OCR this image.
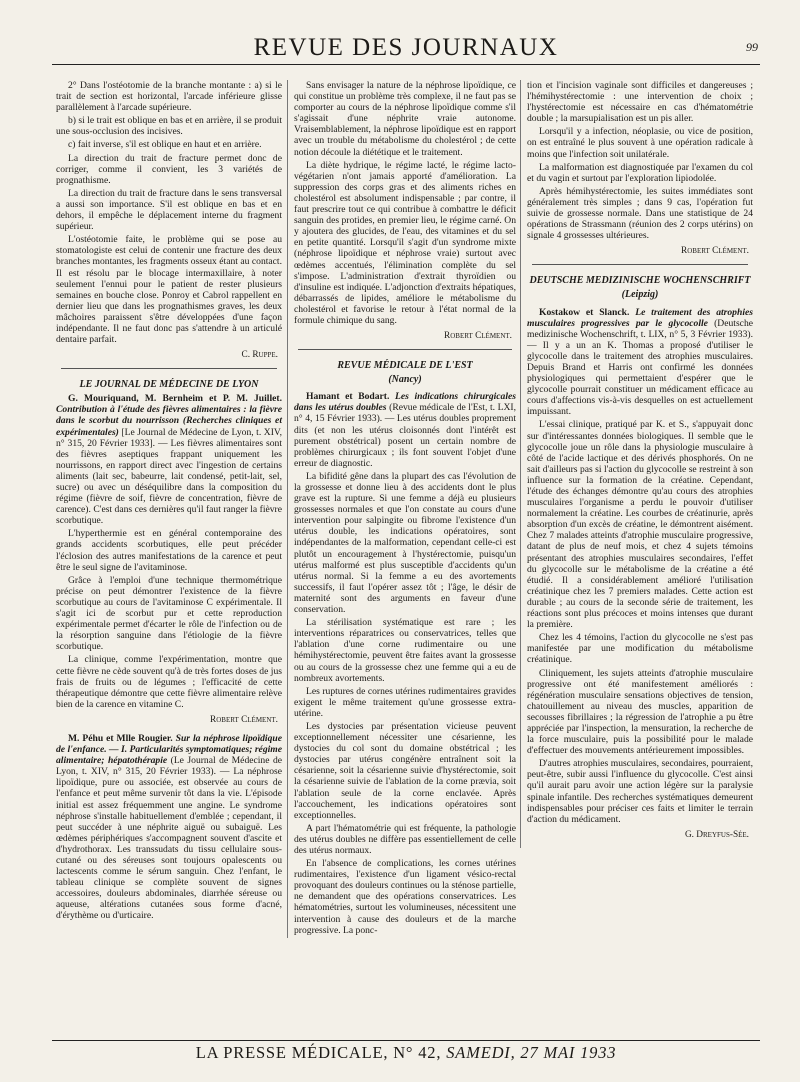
REVUE DES JOURNAUX	99

2° Dans l'ostéotomie de la branche montante : a) si le trait de section est horizontal, l'arcade inférieure glisse parallèlement à l'arcade supérieure.

b) si le trait est oblique en bas et en arrière, il se produit une sous-occlusion des incisives.

c) fait inverse, s'il est oblique en haut et en arrière.

La direction du trait de fracture permet donc de corriger, comme il convient, les 3 variétés de prognathisme.

La direction du trait de fracture dans le sens transversal a aussi son importance. S'il est oblique en bas et en dehors, il empêche le déplacement interne du fragment supérieur.

L'ostéotomie faite, le problème qui se pose au stomatologiste est celui de contenir une fracture des deux branches montantes, les fragments osseux étant au contact. Il est résolu par le blocage intermaxillaire, à noter seulement l'ennui pour le patient de rester plusieurs semaines en bouche close. Ponroy et Cabrol rappellent en dernier lieu que dans les prognathismes graves, les deux mâchoires paraissent s'être développées d'une façon indépendante. Il ne faut donc pas s'attendre à un articulé dentaire parfait.

C. Ruppe.
LE JOURNAL DE MÉDECINE DE LYON

G. Mouriquand, M. Bernheim et P. M. Juillet. Contribution à l'étude des fièvres alimentaires : la fièvre dans le scorbut du nourrisson (Recherches cliniques et expérimentales) [Le Journal de Médecine de Lyon, t. XIV, n° 315, 20 Février 1933]. — Les fièvres alimentaires sont des fièvres aseptiques frappant uniquement les nourrissons, en rapport direct avec l'ingestion de certains aliments (lait sec, babeurre, lait condensé, petit-lait, sel, sucre) ou avec un déséquilibre dans la composition du régime (fièvre de soif, fièvre de concentration, fièvre de carence). C'est dans ces dernières qu'il faut ranger la fièvre scorbutique.

L'hyperthermie est en général contemporaine des grands accidents scorbutiques, elle peut précéder l'éclosion des autres manifestations de la carence et peut être le seul signe de l'avitaminose.

Grâce à l'emploi d'une technique thermométrique précise on peut démontrer l'existence de la fièvre scorbutique au cours de l'avitaminose C expérimentale. Il s'agit ici de scorbut pur et cette reproduction expérimentale permet d'écarter le rôle de l'infection ou de la résorption sanguine dans l'étiologie de la fièvre scorbutique.

La clinique, comme l'expérimentation, montre que cette fièvre ne cède souvent qu'à de très fortes doses de jus frais de fruits ou de légumes ; l'efficacité de cette thérapeutique démontre que cette fièvre alimentaire relève bien de la carence en vitamine C.

Robert Clément.

M. Péhu et Mlle Rougier. Sur la néphrose lipoïdique de l'enfance. — I. Particularités symptomatiques; régime alimentaire; hépatothérapie (Le Journal de Médecine de Lyon, t. XIV, n° 315, 20 Février 1933). — La néphrose lipoïdique, pure ou associée, est observée au cours de l'enfance et peut même survenir tôt dans la vie. L'épisode initial est assez fréquemment une angine. Le syndrome néphrose s'installe habituellement d'emblée ; cependant, il peut succéder à une néphrite aiguë ou subaiguë. Les œdèmes périphériques s'accompagnent souvent d'ascite et d'hydrothorax. Les transsudats du tissu cellulaire sous-cutané ou des séreuses sont toujours opalescents ou lactescents comme le sérum sanguin. Chez l'enfant, le tableau clinique se complète souvent de signes accessoires, douleurs abdominales, diarrhée séreuse ou aqueuse, altérations cutanées sous forme d'acné, d'érythème ou d'urticaire.

Sans envisager la nature de la néphrose lipoïdique, ce qui constitue un problème très complexe, il ne faut pas se comporter au cours de la néphrose lipoïdique comme s'il s'agissait d'une néphrite vraie autonome. Vraisemblablement, la néphrose lipoïdique est en rapport avec un trouble du métabolisme du cholestérol ; de cette notion découle la diététique et le traitement.

La diète hydrique, le régime lacté, le régime lacto-végétarien n'ont jamais apporté d'amélioration. La suppression des corps gras et des aliments riches en cholestérol est absolument indispensable ; par contre, il faut prescrire tout ce qui contribue à combattre le déficit sanguin des protides, en premier lieu, le régime carné. On y ajoutera des glucides, de l'eau, des vitamines et du sel en petite quantité. Lorsqu'il s'agit d'un syndrome mixte (néphrose lipoïdique et néphrose vraie) surtout avec œdèmes accentués, l'élimination complète du sel s'impose. L'administration d'extrait thyroïdien ou d'insuline est indiquée. L'adjonction d'extraits hépatiques, débarrassés de lipides, améliore le métabolisme du cholestérol et favorise le retour à l'état normal de la formule chimique du sang.

Robert Clément.
REVUE MÉDICALE DE L'EST
(Nancy)

Hamant et Bodart. Les indications chirurgicales dans les utérus doubles (Revue médicale de l'Est, t. LXI, n° 4, 15 Février 1933). — Les utérus doubles proprement dits (et non les utérus cloisonnés dont l'intérêt est purement obstétrical) posent un certain nombre de problèmes chirurgicaux ; ils font souvent l'objet d'une erreur de diagnostic.

La bifidité gêne dans la plupart des cas l'évolution de la grossesse et donne lieu à des accidents dont le plus grave est la rupture. Si une femme a déjà eu plusieurs grossesses normales et que l'on constate au cours d'une intervention pour salpingite ou fibrome l'existence d'un utérus double, les indications opératoires, sont indépendantes de la malformation, cependant celle-ci est plutôt un encouragement à l'hystérectomie, puisqu'un utérus malformé est plus susceptible d'accidents qu'un utérus normal. Si la femme a eu des avortements successifs, il faut l'opérer assez tôt ; l'âge, le désir de maternité sont des arguments en faveur d'une conservation.

La stérilisation systématique est rare ; les interventions réparatrices ou conservatrices, telles que l'ablation d'une corne rudimentaire ou une hémihystérectomie, peuvent être faites avant la grossesse ou au cours de la grossesse chez une femme qui a eu de nombreux avortements.

Les ruptures de cornes utérines rudimentaires gravides exigent le même traitement qu'une grossesse extra-utérine.

Les dystocies par présentation vicieuse peuvent exceptionnellement nécessiter une césarienne, les dystocies du col sont du domaine obstétrical ; les dystocies par utérus congénère entraînent soit la césarienne, soit la césarienne suivie d'hystérectomie, soit la césarienne suivie de l'ablation de la corne prævia, soit l'ablation seule de la corne enclavée. Après l'accouchement, les indications opératoires sont exceptionnelles.

A part l'hématométrie qui est fréquente, la pathologie des utérus doubles ne diffère pas essentiellement de celle des utérus normaux.

En l'absence de complications, les cornes utérines rudimentaires, l'existence d'un ligament vésico-rectal provoquant des douleurs continues ou la sténose partielle, ne demandent que des opérations conservatrices. Les hématométries, surtout les volumineuses, nécessitent une intervention à cause des douleurs et de la marche progressive. La ponc-

tion et l'incision vaginale sont difficiles et dangereuses ; l'hémihystérectomie : une intervention de choix ; l'hystérectomie est nécessaire en cas d'hématométrie double ; la marsupialisation est un pis aller.

Lorsqu'il y a infection, néoplasie, ou vice de position, on est entraîné le plus souvent à une opération radicale à moins que l'infection soit unilatérale.

La malformation est diagnostiquée par l'examen du col et du vagin et surtout par l'exploration lipiodolée.

Après hémihystérectomie, les suites immédiates sont généralement très simples ; dans 9 cas, l'opération fut suivie de grossesse normale. Dans une statistique de 24 opérations de Strassmann (réunion des 2 corps utérins) on signale 4 grossesses ultérieures.

Robert Clément.
DEUTSCHE MEDIZINISCHE WOCHENSCHRIFT
(Leipzig)

Kostakow et Slanck. Le traitement des atrophies musculaires progressives par le glycocolle (Deutsche medizinische Wochenschrift, t. LIX, n° 5, 3 Février 1933). — Il y a un an K. Thomas a proposé d'utiliser le glycocolle dans le traitement des atrophies musculaires. Depuis Brand et Harris ont confirmé les données physiologiques qui permettaient d'espérer que le glycocolle pourrait constituer un médicament efficace au cours d'affections vis-à-vis desquelles on est actuellement impuissant.

L'essai clinique, pratiqué par K. et S., s'appuyait donc sur d'intéressantes données biologiques. Il semble que le glycocolle joue un rôle dans la physiologie musculaire à côté de l'acide lactique et des dérivés phosphorés. On ne sait d'ailleurs pas si l'action du glycocolle se restreint à son influence sur la formation de la créatine. Cependant, l'étude des échanges démontre qu'au cours des atrophies musculaires l'organisme a perdu le pouvoir d'utiliser normalement la créatine. Les courbes de créatinurie, après absorption d'un excès de créatine, le démontrent aisément. Chez 7 malades atteints d'atrophie musculaire progressive, datant de plus de neuf mois, et chez 4 sujets témoins présentant des atrophies musculaires secondaires, l'effet du glycocolle sur le métabolisme de la créatine a été étudié. Il a considérablement amélioré l'utilisation créatinique chez les 7 premiers malades. Cette action est durable ; au cours de la seconde série de traitement, les réactions sont plus précoces et moins intenses que durant la première.

Chez les 4 témoins, l'action du glycocolle ne s'est pas manifestée par une modification du métabolisme créatinique.

Cliniquement, les sujets atteints d'atrophie musculaire progressive ont été manifestement améliorés : régénération musculaire sensations objectives de tension, chatouillement au niveau des muscles, apparition de secousses fibrillaires ; la régression de l'atrophie a pu être appréciée par l'inspection, la mensuration, la recherche de la force musculaire, puis la possibilité pour le malade d'effectuer des mouvements antérieurement impossibles.

D'autres atrophies musculaires, secondaires, pourraient, peut-être, subir aussi l'influence du glycocolle. C'est ainsi qu'il aurait paru avoir une action légère sur la paralysie spinale infantile. Des recherches systématiques demeurent indispensables pour préciser ces faits et limiter le terrain d'action du médicament.

G. Dreyfus-Sée.
LA PRESSE MÉDICALE, N° 42, SAMEDI, 27 MAI 1933
